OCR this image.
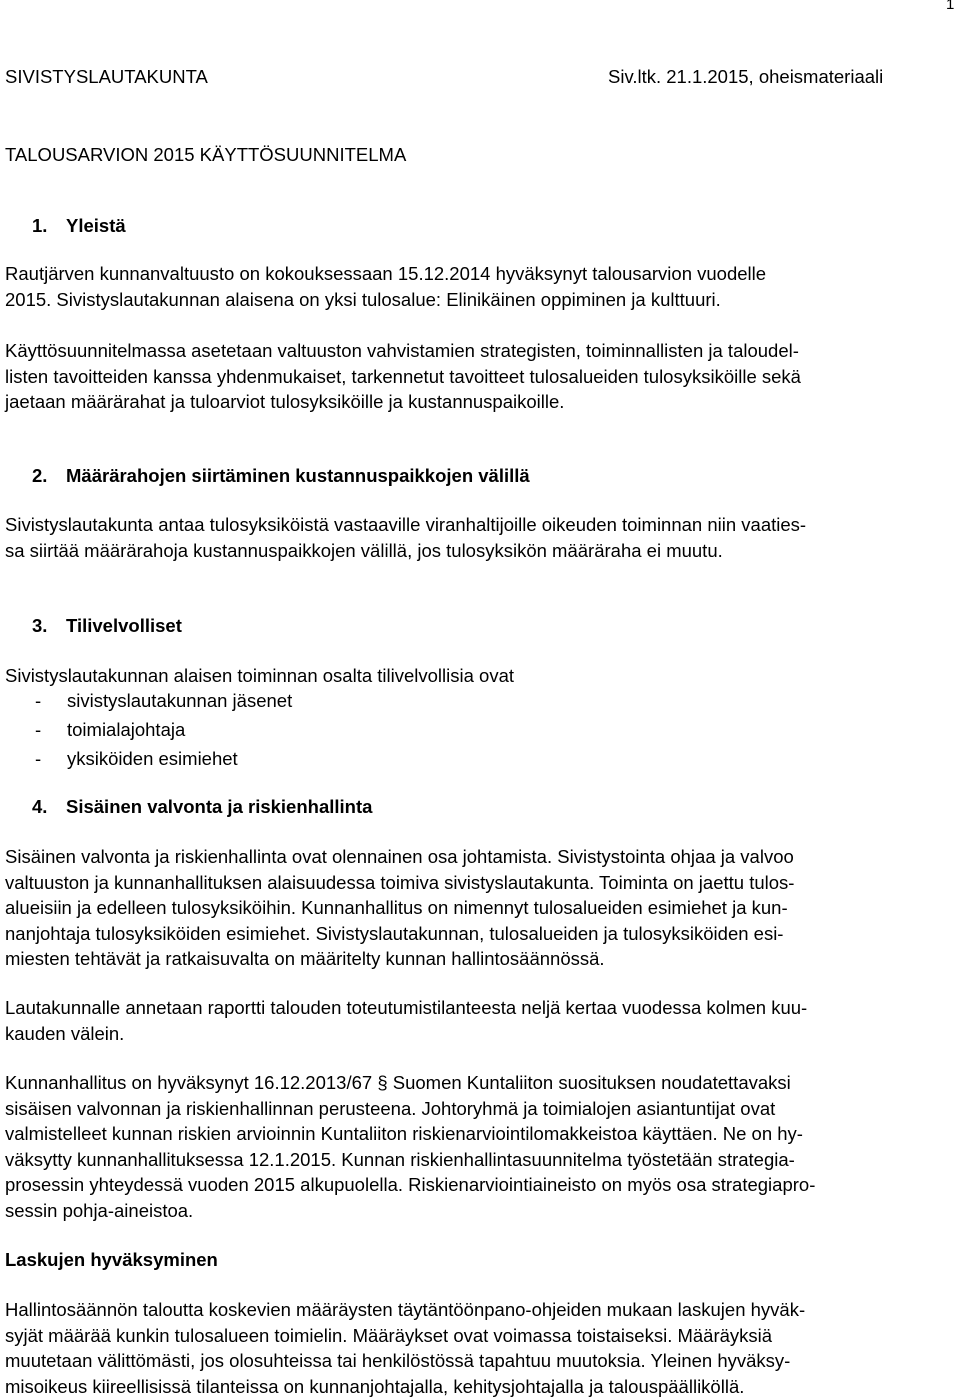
1
SIVISTYSLAUTAKUNTA	Siv.ltk. 21.1.2015, oheismateriaali
TALOUSARVION 2015 KÄYTTÖSUUNNITELMA
1. Yleistä

Rautjärven kunnanvaltuusto on kokouksessaan 15.12.2014 hyväksynyt talousarvion vuodelle
2015. Sivistyslautakunnan alaisena on yksi tulosalue: Elinikäinen oppiminen ja kulttuuri.

Käyttösuunnitelmassa asetetaan valtuuston vahvistamien strategisten, toiminnallisten ja taloudel-
listen tavoitteiden kanssa yhdenmukaiset, tarkennetut tavoitteet tulosalueiden tulosyksiköille sekä
jaetaan määrärahat ja tuloarviot tulosyksiköille ja kustannuspaikoille.

2. Määrärahojen siirtäminen kustannuspaikkojen välillä

Sivistyslautakunta antaa tulosyksiköistä vastaaville viranhaltijoille oikeuden toiminnan niin vaaties-
sa siirtää määrärahoja kustannuspaikkojen välillä, jos tulosyksikön määräraha ei muutu.

3. Tilivelvolliset

Sivistyslautakunnan alaisen toiminnan osalta tilivelvollisia ovat

- sivistyslautakunnan jäsenet
- toimialajohtaja
- yksiköiden esimiehet
4. Sisäinen valvonta ja riskienhallinta

Sisäinen valvonta ja riskienhallinta ovat olennainen osa johtamista. Sivistystointa ohjaa ja valvoo
valtuuston ja kunnanhallituksen alaisuudessa toimiva sivistyslautakunta. Toiminta on jaettu tulos-
alueisiin ja edelleen tulosyksiköihin. Kunnanhallitus on nimennyt tulosalueiden esimiehet ja kun-
nanjohtaja tulosyksiköiden esimiehet. Sivistyslautakunnan, tulosalueiden ja tulosyksiköiden esi-
miesten tehtävät ja ratkaisuvalta on määritelty kunnan hallintosäännössä.

Lautakunnalle annetaan raportti talouden toteutumistilanteesta neljä kertaa vuodessa kolmen kuu-
kauden välein.

Kunnanhallitus on hyväksynyt 16.12.2013/67 § Suomen Kuntaliiton suosituksen noudatettavaksi
sisäisen valvonnan ja riskienhallinnan perusteena. Johtoryhmä ja toimialojen asiantuntijat ovat
valmistelleet kunnan riskien arvioinnin Kuntaliiton riskienarviointilomakkeistoa käyttäen. Ne on hy-
väksytty kunnanhallituksessa 12.1.2015. Kunnan riskienhallintasuunnitelma työstetään strategia-
prosessin yhteydessä vuoden 2015 alkupuolella. Riskienarviointiaineisto on myös osa strategiapro-
sessin pohja-aineistoa.

Laskujen hyväksyminen

Hallintosäännön taloutta koskevien määräysten täytäntöönpano-ohjeiden mukaan laskujen hyväk-
syjät määrää kunkin tulosalueen toimielin. Määräykset ovat voimassa toistaiseksi. Määräyksiä
muutetaan välittömästi, jos olosuhteissa tai henkilöstössä tapahtuu muutoksia. Yleinen hyväksy-
misoikeus kiireellisissä tilanteissa on kunnanjohtajalla, kehitysjohtajalla ja talouspäälliköllä.
